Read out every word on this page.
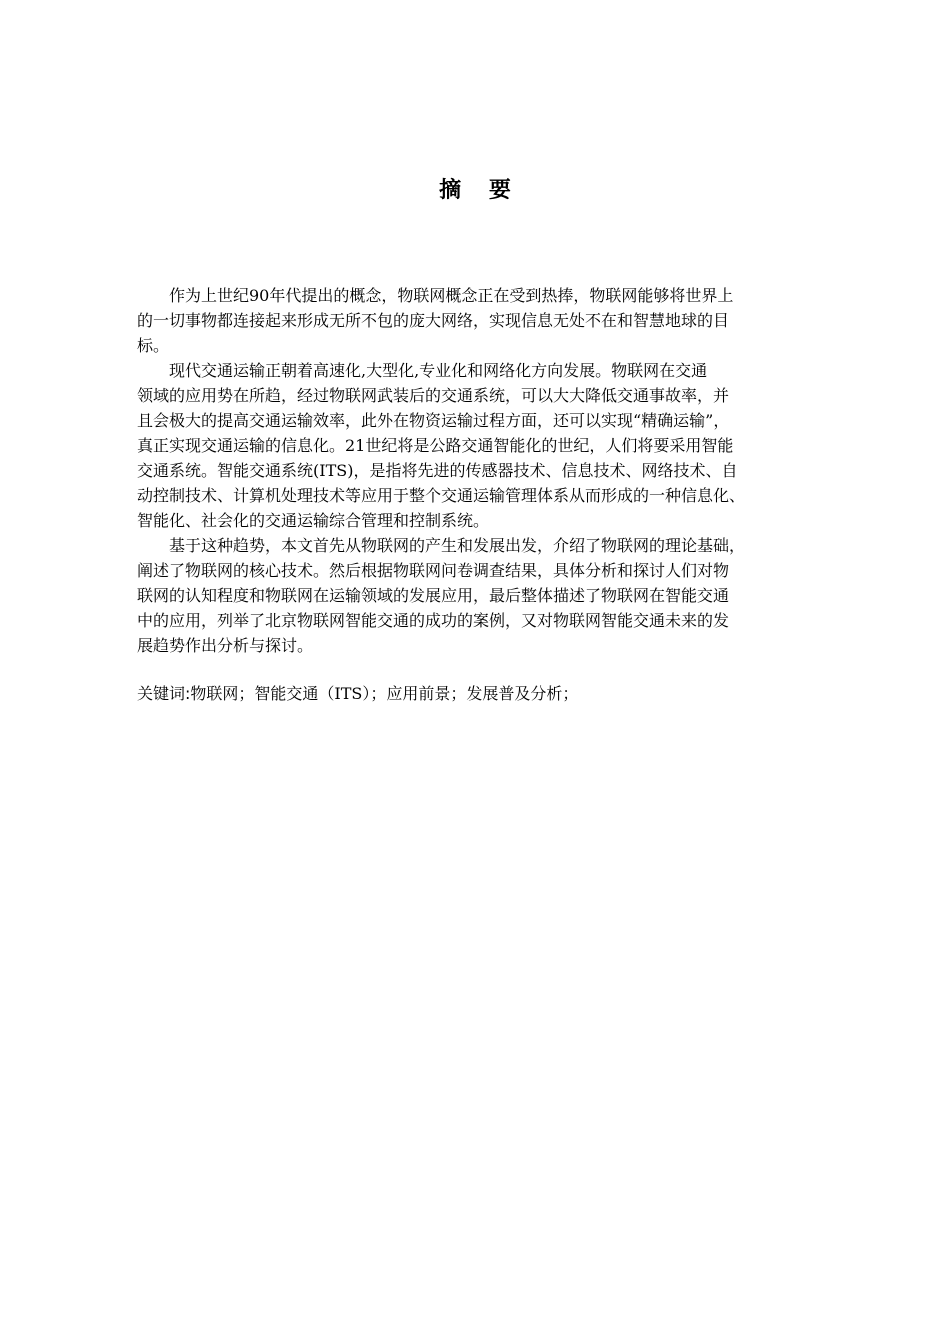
摘 要

　　作为上世纪90年代提出的概念，物联网概念正在受到热捧，物联网能够将世界上
的一切事物都连接起来形成无所不包的庞大网络，实现信息无处不在和智慧地球的目
标。

　　现代交通运输正朝着高速化,大型化,专业化和网络化方向发展。物联网在交通
领域的应用势在所趋，经过物联网武装后的交通系统，可以大大降低交通事故率，并
且会极大的提高交通运输效率，此外在物资运输过程方面，还可以实现“精确运输”，
真正实现交通运输的信息化。21世纪将是公路交通智能化的世纪，人们将要采用智能
交通系统。智能交通系统(ITS)，是指将先进的传感器技术、信息技术、网络技术、自
动控制技术、计算机处理技术等应用于整个交通运输管理体系从而形成的一种信息化、
智能化、社会化的交通运输综合管理和控制系统。

　　基于这种趋势，本文首先从物联网的产生和发展出发，介绍了物联网的理论基础，
阐述了物联网的核心技术。然后根据物联网问卷调查结果，具体分析和探讨人们对物
联网的认知程度和物联网在运输领域的发展应用，最后整体描述了物联网在智能交通
中的应用，列举了北京物联网智能交通的成功的案例，又对物联网智能交通未来的发
展趋势作出分析与探讨。

关键词:物联网；智能交通（ITS）；应用前景；发展普及分析；
